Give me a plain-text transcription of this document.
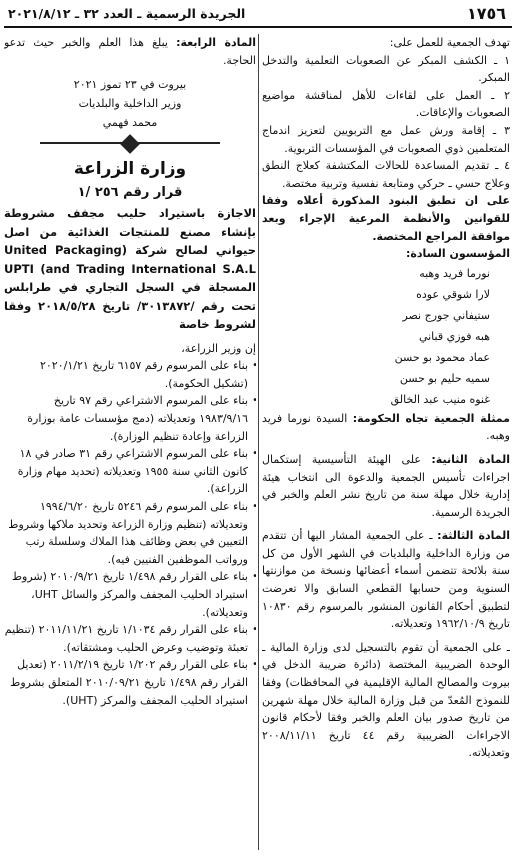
الجريدة الرسمية ـ العدد ٣٢ ـ ٢٠٢١/٨/١٢	١٧٥٦

تهدف الجمعية للعمل على:

١ ـ الكشف المبكر عن الصعوبات التعلمية والتدخل المبكر.

٢ ـ العمل على لقاءات للأهل لمناقشة مواضيع الصعوبات والإعاقات.

٣ ـ إقامة ورش عمل مع التربويين لتعزيز اندماج المتعلمين ذوي الصعوبات في المؤسسات التربوية.

٤ ـ تقديم المساعدة للحالات المكتشفة كعلاج النطق وعلاج حسي ـ حركي ومتابعة نفسية وتربية مختصة.

على ان تطبق البنود المذكورة أعلاه وفقا للقوانين والأنظمة المرعية الإجراء وبعد موافقة المراجع المختصة.

المؤسسون السادة:

نورما فريد وهبه
لارا شوقي عوده
ستيفاني جورج نصر
هبه فوزي قباني
عماد محمود بو حسن
سميه حليم بو حسن
غنوه منيب عبد الخالق

ممثلة الجمعية تجاه الحكومة: السيدة نورما فريد وهبه.

المادة الثانية: على الهيئة التأسيسية إستكمال اجراءات تأسيس الجمعية والدعوة الى انتخاب هيئة إدارية خلال مهلة سنة من تاريخ نشر العلم والخبر في الجريدة الرسمية.

المادة الثالثة: ـ على الجمعية المشار اليها أن تتقدم من وزارة الداخلية والبلديات في الشهر الأول من كل سنة بلائحة تتضمن أسماء أعضائها ونسخة من موازنتها السنوية ومن حسابها القطعي السابق والا تعرضت لتطبيق أحكام القانون المنشور بالمرسوم رقم ١٠٨٣٠ تاريخ ١٩٦٢/١٠/٩ وتعديلاته.

ـ على الجمعية أن تقوم بالتسجيل لدى وزارة المالية ـ الوحدة الضريبية المختصة (دائرة ضريبة الدخل في بيروت والمصالح المالية الإقليمية في المحافظات) وفقا للنموذج المُعدّ من قبل وزارة المالية خلال مهلة شهرين من تاريخ صدور بيان العلم والخبر وفقا لأحكام قانون الاجراءات الضريبية رقم ٤٤ تاريخ ٢٠٠٨/١١/١١ وتعديلاته.

المادة الرابعة: يبلغ هذا العلم والخبر حيث تدعو الحاجة.

بيروت في ٢٣ تموز ٢٠٢١
وزير الداخلية والبلديات
محمد فهمي
وزارة الزراعة
قرار رقم ٢٥٦ /١
الاجازة باستيراد حليب مجفف مشروطة بإنشاء مصنع للمنتجات الغذائية من اصل حيواني لصالح شركة (United Packaging and Trading International S.A.L) UPTI المسجلة في السجل التجاري في طرابلس تحت رقم /٣٠١٣٨٧٢/ تاريخ ٢٠١٨/٥/٢٨ وفقا لشروط خاصة

إن وزير الزراعة،

• بناء على المرسوم رقم ٦١٥٧ تاريخ ٢٠٢٠/١/٢١ (تشكيل الحكومة).
• بناء على المرسوم الاشتراعي رقم ٩٧ تاريخ ١٩٨٣/٩/١٦ وتعديلاته (دمج مؤسسات عامة بوزارة الزراعة وإعادة تنظيم الوزارة).
• بناء على المرسوم الاشتراعي رقم ٣١ صادر في ١٨ كانون الثاني سنة ١٩٥٥ وتعديلاته (تحديد مهام وزارة الزراعة).
• بناء على المرسوم رقم ٥٢٤٦ تاريخ ١٩٩٤/٦/٢٠ وتعديلاته (تنظيم وزارة الزراعة وتحديد ملاكها وشروط التعيين في بعض وظائف هذا الملاك وسلسلة رتب ورواتب الموظفين الفنيين فيه).
• بناء على القرار رقم ١/٤٩٨ تاريخ ٢٠١٠/٩/٢١ (شروط استيراد الحليب المجفف والمركز والسائل UHT، وتعديلاته).
• بناء على القرار رقم ١/١٠٣٤ تاريخ ٢٠١١/١١/٢١ (تنظيم تعبئة وتوضيب وعرض الحليب ومشتقاته).
• بناء على القرار رقم ١/٢٠٢ تاريخ ٢٠١١/٢/١٩ (تعديل القرار رقم ١/٤٩٨ تاريخ ٢٠١٠/٠٩/٢١ المتعلق بشروط استيراد الحليب المجفف والمركز (UHT).
